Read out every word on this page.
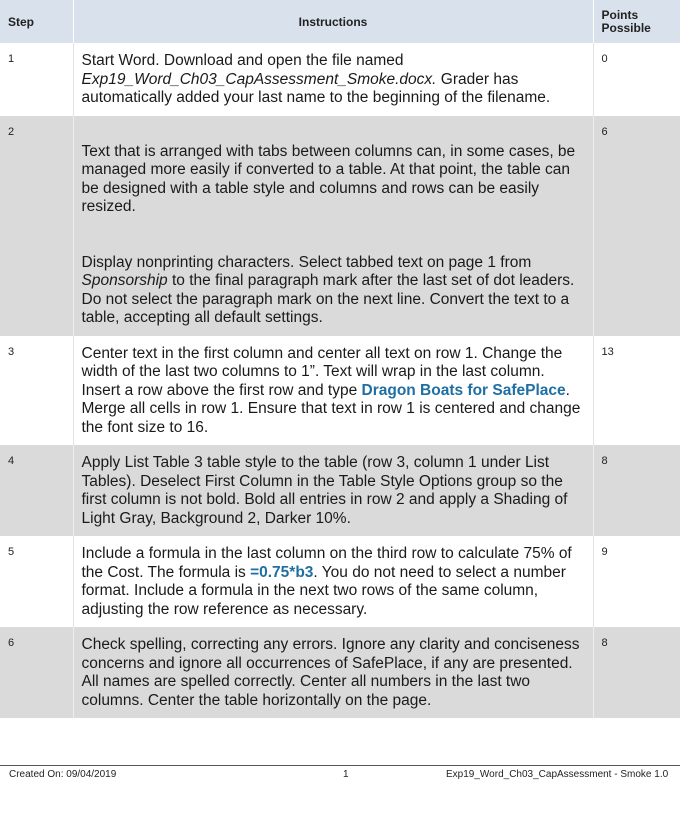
Step	Instructions	Points Possible
1	Start Word. Download and open the file named Exp19_Word_Ch03_CapAssessment_Smoke.docx. Grader has automatically added your last name to the beginning of the filename.	0
2	Text that is arranged with tabs between columns can, in some cases, be managed more easily if converted to a table. At that point, the table can be designed with a table style and columns and rows can be easily resized.

Display nonprinting characters. Select tabbed text on page 1 from Sponsorship to the final paragraph mark after the last set of dot leaders. Do not select the paragraph mark on the next line. Convert the text to a table, accepting all default settings.	6
3	Center text in the first column and center all text on row 1. Change the width of the last two columns to 1”. Text will wrap in the last column. Insert a row above the first row and type Dragon Boats for SafePlace. Merge all cells in row 1. Ensure that text in row 1 is centered and change the font size to 16.	13
4	Apply List Table 3 table style to the table (row 3, column 1 under List Tables). Deselect First Column in the Table Style Options group so the first column is not bold. Bold all entries in row 2 and apply a Shading of Light Gray, Background 2, Darker 10%.	8
5	Include a formula in the last column on the third row to calculate 75% of the Cost. The formula is =0.75*b3. You do not need to select a number format. Include a formula in the next two rows of the same column, adjusting the row reference as necessary.	9
6	Check spelling, correcting any errors. Ignore any clarity and conciseness concerns and ignore all occurrences of SafePlace, if any are presented. All names are spelled correctly. Center all numbers in the last two columns. Center the table horizontally on the page.	8
Created On: 09/04/2019	1	Exp19_Word_Ch03_CapAssessment - Smoke 1.0
